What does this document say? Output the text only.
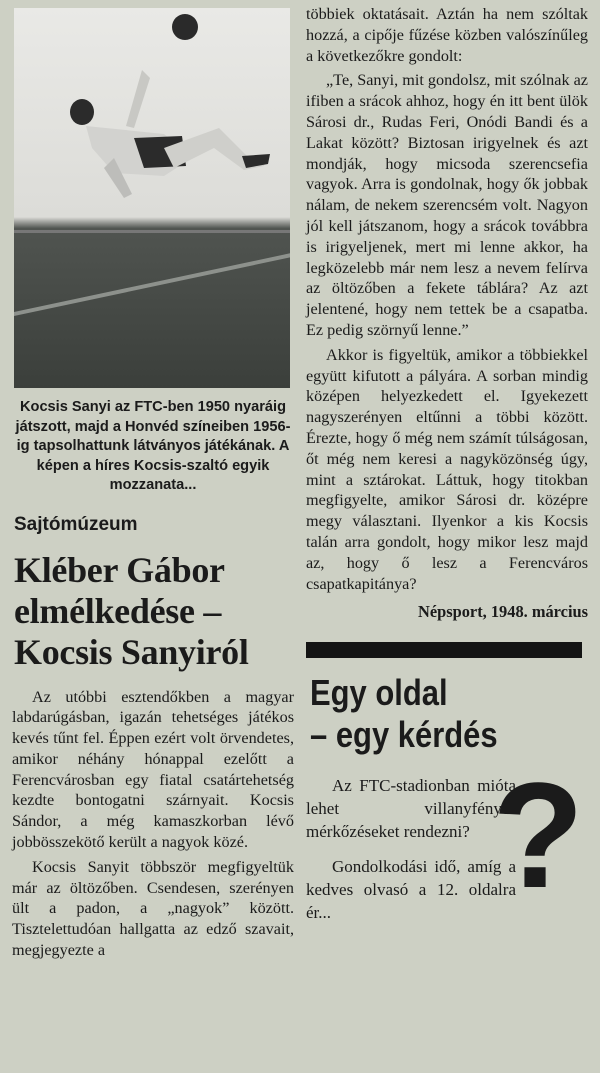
Kocsis Sanyi az FTC-ben 1950 nyaráig játszott, majd a Honvéd színeiben 1956-ig tapsolhattunk látványos játékának. A képen a híres Kocsis-szaltó egyik mozzanata...
Sajtómúzeum
Kléber Gábor elmélkedése – Kocsis Sanyiról

Az utóbbi esztendőkben a magyar labdarúgásban, igazán tehetséges játékos kevés tűnt fel. Éppen ezért volt örvendetes, amikor néhány hónappal ezelőtt a Ferencvárosban egy fiatal csatártehetség kezdte bontogatni szárnyait. Kocsis Sándor, a még kamaszkorban lévő jobbösszekötő került a nagyok közé.

Kocsis Sanyit többször megfigyeltük már az öltözőben. Csendesen, szerényen ült a padon, a „nagyok” között. Tisztelettudóan hallgatta az edző szavait, megjegyezte a

többiek oktatásait. Aztán ha nem szóltak hozzá, a cipője fűzése közben valószínűleg a következőkre gondolt:

„Te, Sanyi, mit gondolsz, mit szólnak az ifiben a srácok ahhoz, hogy én itt bent ülök Sárosi dr., Rudas Feri, Onódi Bandi és a Lakat között? Biztosan irigyelnek és azt mondják, hogy micsoda szerencsefia vagyok. Arra is gondolnak, hogy ők jobbak nálam, de nekem szerencsém volt. Nagyon jól kell játszanom, hogy a srácok továbbra is irigyeljenek, mert mi lenne akkor, ha legközelebb már nem lesz a nevem felírva az öltözőben a fekete táblára? Az azt jelentené, hogy nem tettek be a csapatba. Ez pedig szörnyű lenne.”

Akkor is figyeltük, amikor a többiekkel együtt kifutott a pályára. A sorban mindig középen helyezkedett el. Igyekezett nagyszerényen eltűnni a többi között. Érezte, hogy ő még nem számít túlságosan, őt még nem keresi a nagyközönség úgy, mint a sztárokat. Láttuk, hogy titokban megfigyelte, amikor Sárosi dr. középre megy választani. Ilyenkor a kis Kocsis talán arra gondolt, hogy mikor lesz majd az, hogy ő lesz a Ferencváros csapatkapitánya?

Népsport, 1948. március
Egy oldal
– egy kérdés

Az FTC-stadionban mióta lehet villanyfényes mérkőzéseket rendezni?

Gondolkodási idő, amíg a kedves olvasó a 12. oldalra ér...	?
